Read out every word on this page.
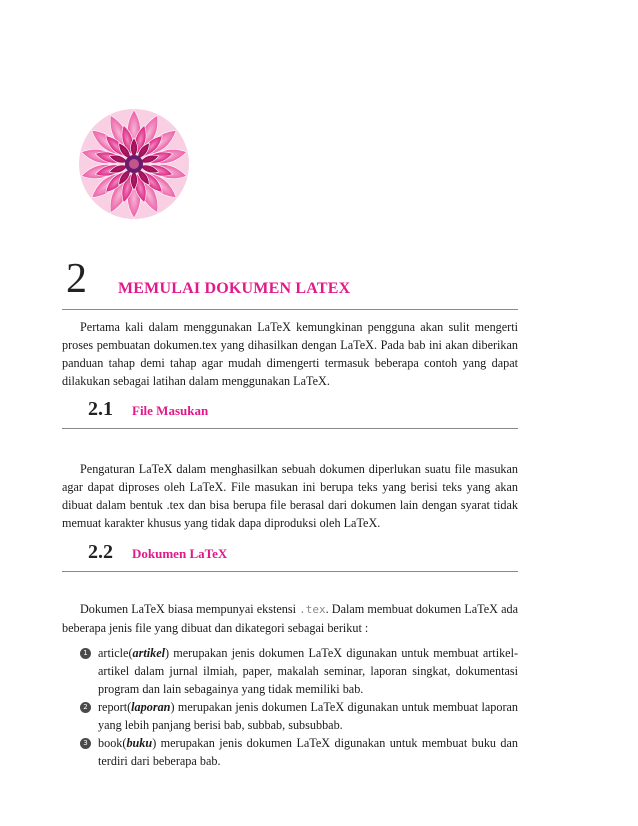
2 MEMULAI DOKUMEN LATEX

Pertama kali dalam menggunakan LaTeX kemungkinan pengguna akan sulit mengerti proses pembuatan dokumen.tex yang dihasilkan dengan LaTeX. Pada bab ini akan diberikan panduan tahap demi tahap agar mudah dimengerti termasuk beberapa contoh yang dapat dilakukan sebagai latihan dalam menggunakan LaTeX.

2.1 File Masukan

Pengaturan LaTeX dalam menghasilkan sebuah dokumen diperlukan suatu file masukan agar dapat diproses oleh LaTeX. File masukan ini berupa teks yang berisi teks yang akan dibuat dalam bentuk .tex dan bisa berupa file berasal dari dokumen lain dengan syarat tidak memuat karakter khusus yang tidak dapa diproduksi oleh LaTeX.

2.2 Dokumen LaTeX

Dokumen LaTeX biasa mempunyai ekstensi .tex. Dalam membuat dokumen LaTeX ada beberapa jenis file yang dibuat dan dikategori sebagai berikut :

1 article(artikel) merupakan jenis dokumen LaTeX digunakan untuk membuat artikel-artikel dalam jurnal ilmiah, paper, makalah seminar, laporan singkat, dokumentasi program dan lain sebagainya yang tidak memiliki bab.
2 report(laporan) merupakan jenis dokumen LaTeX digunakan untuk membuat laporan yang lebih panjang berisi bab, subbab, subsubbab.
3 book(buku) merupakan jenis dokumen LaTeX digunakan untuk membuat buku dan terdiri dari beberapa bab.
